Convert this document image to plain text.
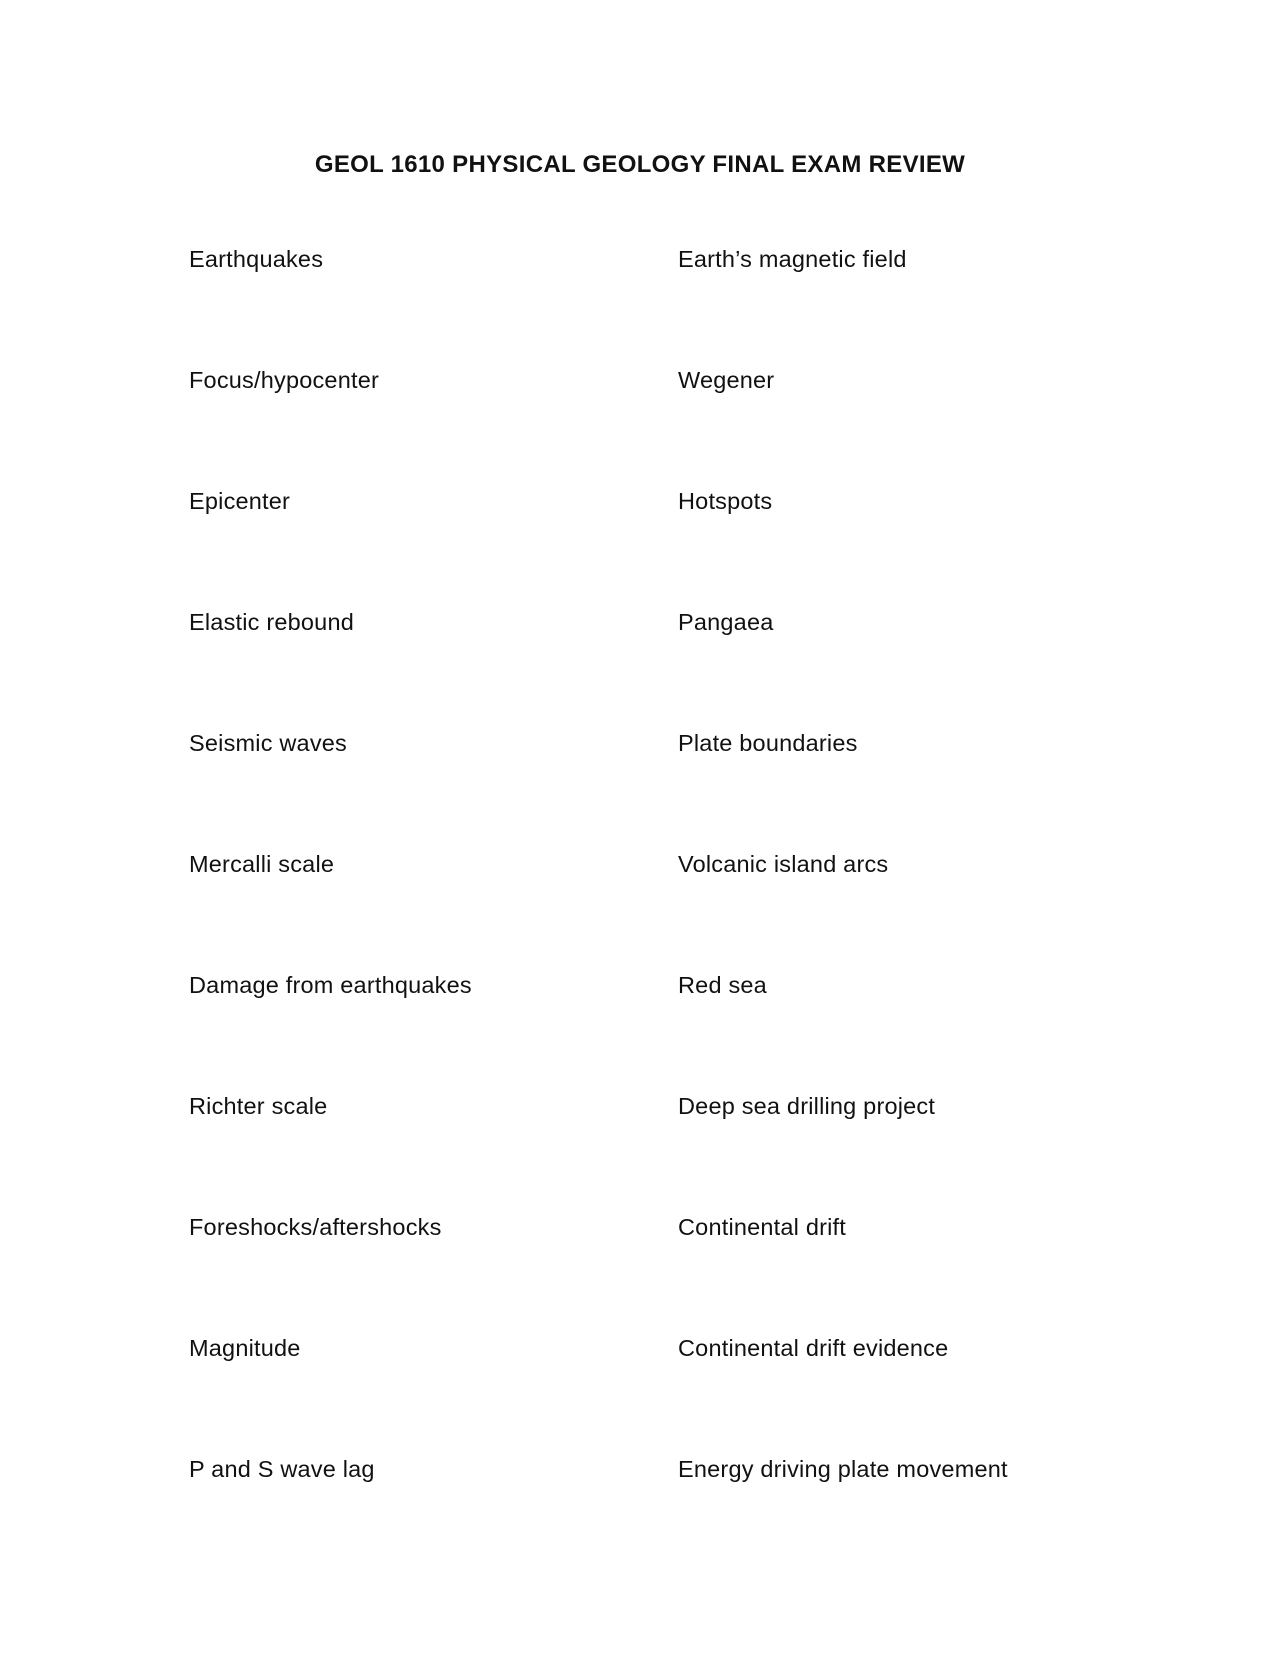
GEOL 1610 PHYSICAL GEOLOGY FINAL EXAM REVIEW
Earthquakes
Focus/hypocenter
Epicenter
Elastic rebound
Seismic waves
Mercalli scale
Damage from earthquakes
Richter scale
Foreshocks/aftershocks
Magnitude
P and S wave lag
Earth’s magnetic field
Wegener
Hotspots
Pangaea
Plate boundaries
Volcanic island arcs
Red sea
Deep sea drilling project
Continental drift
Continental drift evidence
Energy driving plate movement
